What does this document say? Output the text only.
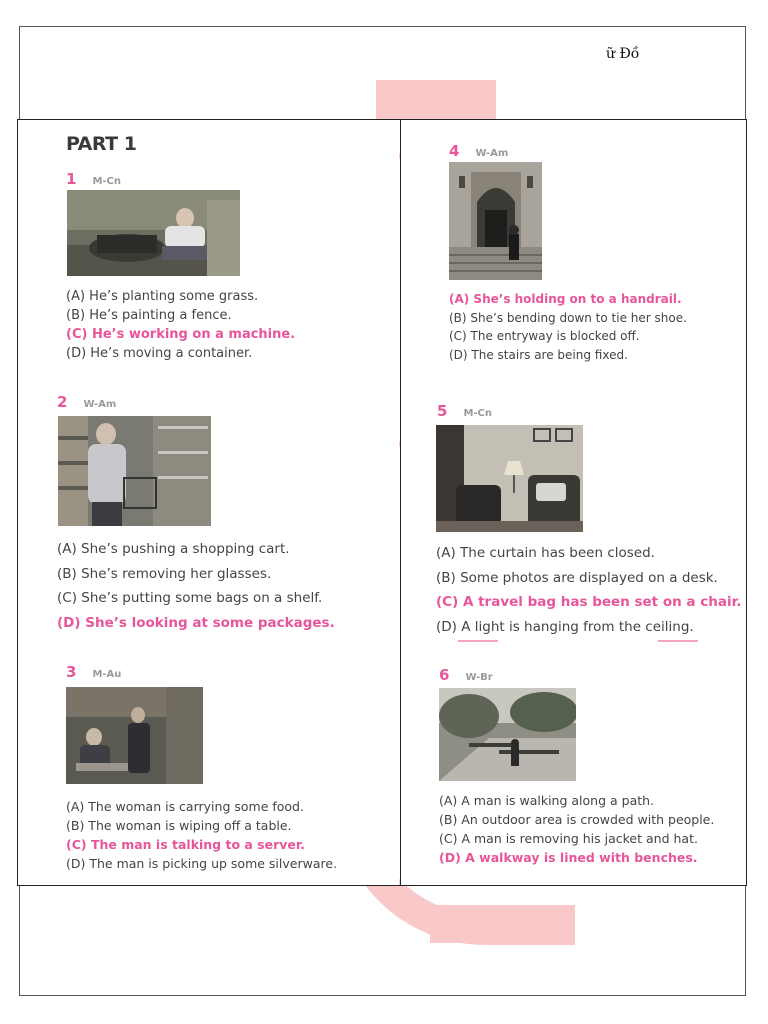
ữ Đồ
PART 1
1 M-Cn
(A) He’s planting some grass.
(B) He’s painting a fence.
(C) He’s working on a machine.
(D) He’s moving a container.
2 W-Am
(A) She’s pushing a shopping cart.
(B) She’s removing her glasses.
(C) She’s putting some bags on a shelf.
(D) She’s looking at some packages.
3 M-Au
(A) The woman is carrying some food.
(B) The woman is wiping off a table.
(C) The man is talking to a server.
(D) The man is picking up some silverware.
4 W-Am
(A) She’s holding on to a handrail.
(B) She’s bending down to tie her shoe.
(C) The entryway is blocked off.
(D) The stairs are being fixed.
5 M-Cn
(A) The curtain has been closed.
(B) Some photos are displayed on a desk.
(C) A travel bag has been set on a chair.
(D) A light is hanging from the ceiling.
6 W-Br
(A) A man is walking along a path.
(B) An outdoor area is crowded with people.
(C) A man is removing his jacket and hat.
(D) A walkway is lined with benches.
